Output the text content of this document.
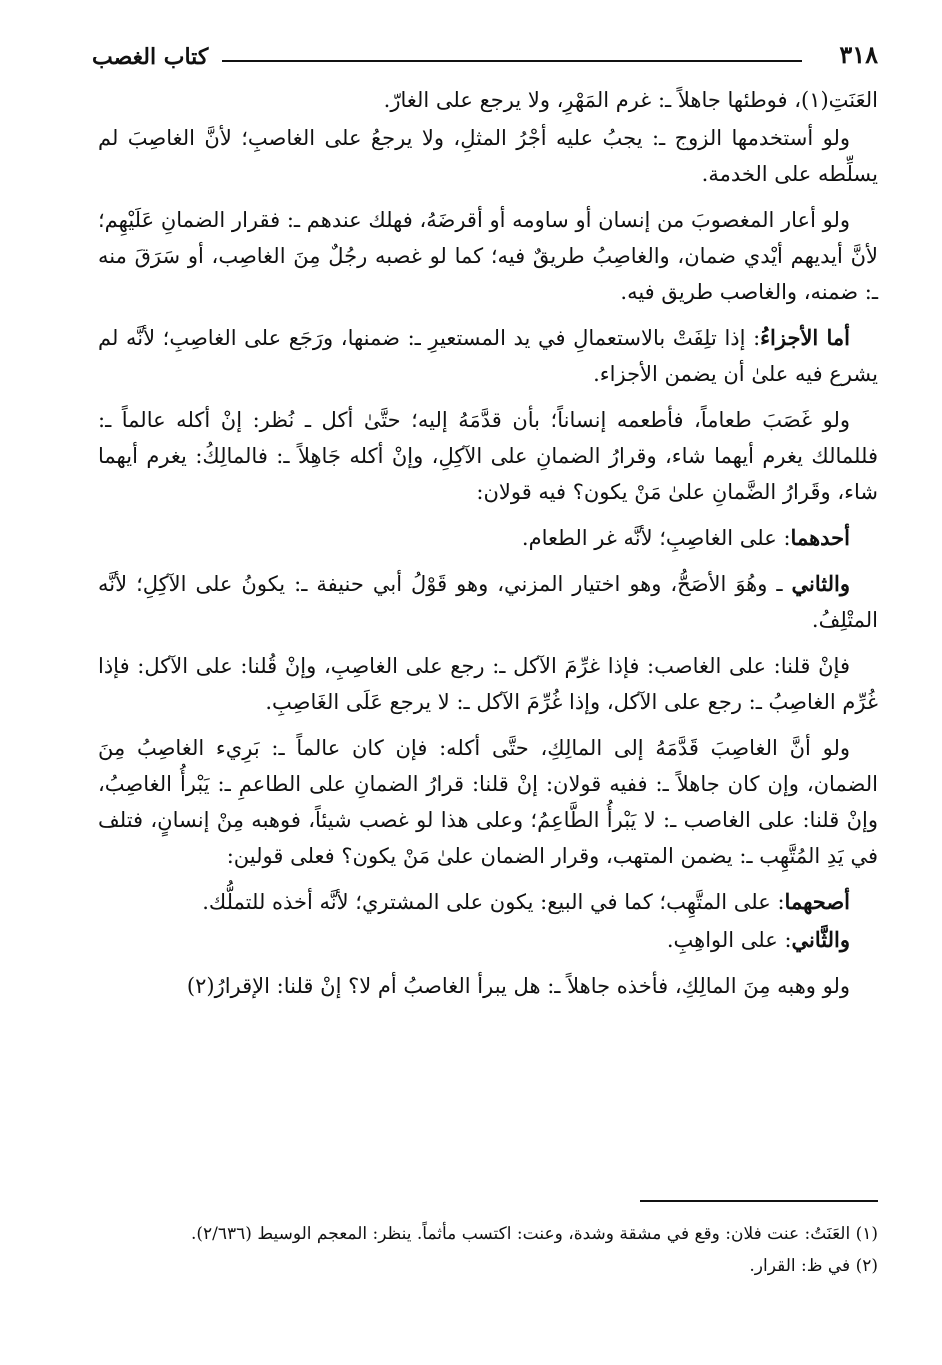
٣١٨
كتاب الغصب

العَنَتِ(١)، فوطئها جاهلاً ـ: غرم المَهْرِ، ولا يرجع على الغارّ.

ولو أستخدمها الزوج ـ: يجبُ عليه أجْرُ المثلِ، ولا يرجعُ على الغاصبِ؛ لأنَّ الغاصِبَ لم يسلِّطه على الخدمة.

ولو أعار المغصوبَ من إنسان أو ساومه أو أقرضَهُ، فهلك عندهم ـ: فقرار الضمانِ عَلَيْهِم؛ لأنَّ أيديهم أيْدي ضمان، والغاصِبُ طريقٌ فيه؛ كما لو غصبه رجُلٌ مِنَ الغاصِب، أو سَرَقَ منه ـ: ضمنه، والغاصب طريق فيه.

أما الأجزاءُ: إذا تلِفَتْ بالاستعمالِ في يد المستعيرِ ـ: ضمنها، ورَجَع على الغاصِبِ؛ لأنَّه لم يشرع فيه علىٰ أن يضمن الأجزاء.

ولو غَصَبَ طعاماً، فأطعمه إنساناً؛ بأن قدَّمَهُ إليه؛ حتَّىٰ أكل ـ نُظر: إنْ أكله عالماً ـ: فللمالك يغرم أيهما شاء، وقرارُ الضمانِ على الآكِلِ، وإنْ أكله جَاهِلاً ـ: فالمالِكُ: يغرم أيهما شاء، وقَرارُ الضَّمانِ علىٰ مَنْ يكون؟ فيه قولان:

أحدهما: على الغاصِبِ؛ لأنَّه غر الطعام.

والثاني ـ وهُوَ الأصَحُّ، وهو اختيار المزني، وهو قَوْلُ أبي حنيفة ـ: يكونُ على الآكِلِ؛ لأنَّه المتْلِفُ.

فإنْ قلنا: على الغاصب: فإذا غرِّمَ الآكل ـ: رجع على الغاصِبِ، وإنْ قُلنا: على الآكل: فإذا غُرِّم الغاصِبُ ـ: رجع على الآكل، وإذا غُرِّمَ الآكل ـ: لا يرجع عَلَى الغَاصِبِ.

ولو أنَّ الغاصِبَ قَدَّمَهُ إلى المالِكِ، حتَّى أكله: فإن كان عالماً ـ: بَرِيء الغاصِبُ مِنَ الضمان، وإن كان جاهلاً ـ: ففيه قولان: إنْ قلنا: قرارُ الضمانِ على الطاعمِ ـ: يَبْرأُ الغاصِبُ، وإنْ قلنا: على الغاصب ـ: لا يَبْرأُ الطَّاعِمُ؛ وعلى هذا لو غصب شيئاً، فوهبه مِنْ إنسانٍ، فتلف في يَدِ المُتَّهِب ـ: يضمن المتهب، وقرار الضمان علىٰ مَنْ يكون؟ فعلى قولين:

أصحهما: على المتَّهِب؛ كما في البيع: يكون على المشتري؛ لأنَّه أخذه للتملُّك.

والثَّاني: على الواهِبِ.

ولو وهبه مِنَ المالِكِ، فأخذه جاهلاً ـ: هل يبرأ الغاصبُ أم لا؟ إنْ قلنا: الإقرارُ(٢)

(١) العَنَتُ: عنت فلان: وقع في مشقة وشدة، وعنت: اكتسب مأثماً. ينظر: المعجم الوسيط (٢/٦٣٦).

(٢) في ظ: القرار.
